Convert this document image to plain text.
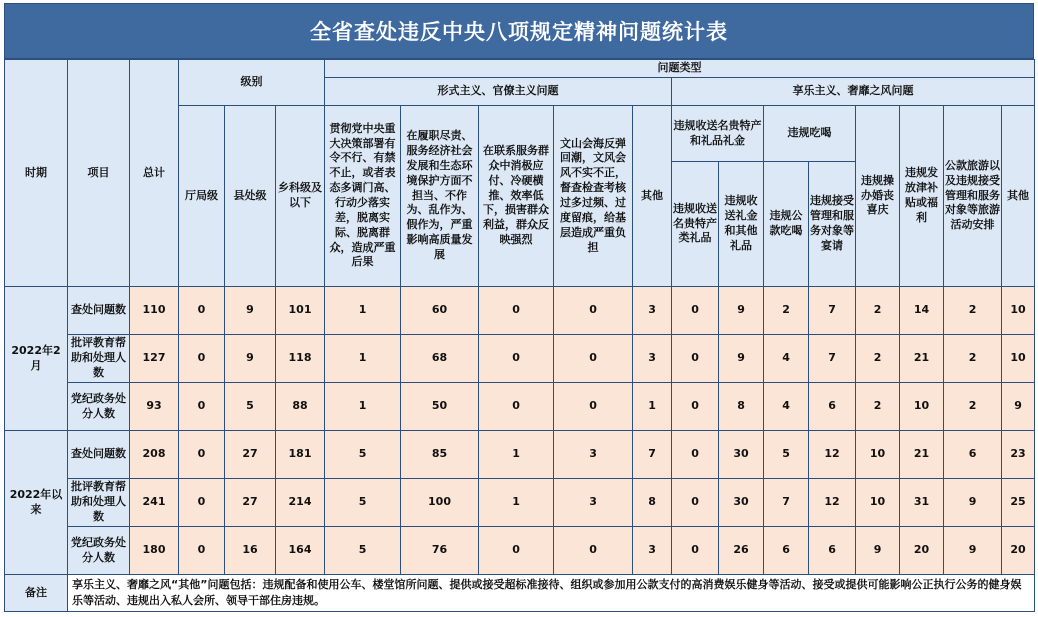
全省查处违反中央八项规定精神问题统计表
时期	项目	总计	级别			问题类型												
						形式主义、官僚主义问题					享乐主义、奢靡之风问题							
			厅局级	县处级	乡科级及以下	贯彻党中央重大决策部署有令不行、有禁不止，或者表态多调门高、行动少落实差，脱离实际、脱离群众，造成严重后果	在履职尽责、服务经济社会发展和生态环境保护方面不担当、不作为、乱作为、假作为，严重影响高质量发展	在联系服务群众中消极应付、冷硬横推、效率低下，损害群众利益，群众反映强烈	文山会海反弹回潮，文风会风不实不正，督查检查考核过多过频、过度留痕，给基层造成严重负担	其他	违规收送名贵特产和礼品礼金		违规吃喝		违规操办婚丧喜庆	违规发放津补贴或福利	公款旅游以及违规接受管理和服务对象等旅游活动安排	其他
											违规收送名贵特产类礼品	违规收送礼金和其他礼品	违规公款吃喝	违规接受管理和服务对象等宴请				
2022年2月	查处问题数	110	0	9	101	1	60	0	0	3	0	9	2	7	2	14	2	10
	批评教育帮助和处理人数	127	0	9	118	1	68	0	0	3	0	9	4	7	2	21	2	10
	党纪政务处分人数	93	0	5	88	1	50	0	0	1	0	8	4	6	2	10	2	9
2022年以来	查处问题数	208	0	27	181	5	85	1	3	7	0	30	5	12	10	21	6	23
	批评教育帮助和处理人数	241	0	27	214	5	100	1	3	8	0	30	7	12	10	31	9	25
	党纪政务处分人数	180	0	16	164	5	76	0	0	3	0	26	6	6	9	20	9	20
备注	享乐主义、奢靡之风“其他”问题包括：违规配备和使用公车、楼堂馆所问题、提供或接受超标准接待、组织或参加用公款支付的高消费娱乐健身等活动、接受或提供可能影响公正执行公务的健身娱乐等活动、违规出入私人会所、领导干部住房违规。																	
